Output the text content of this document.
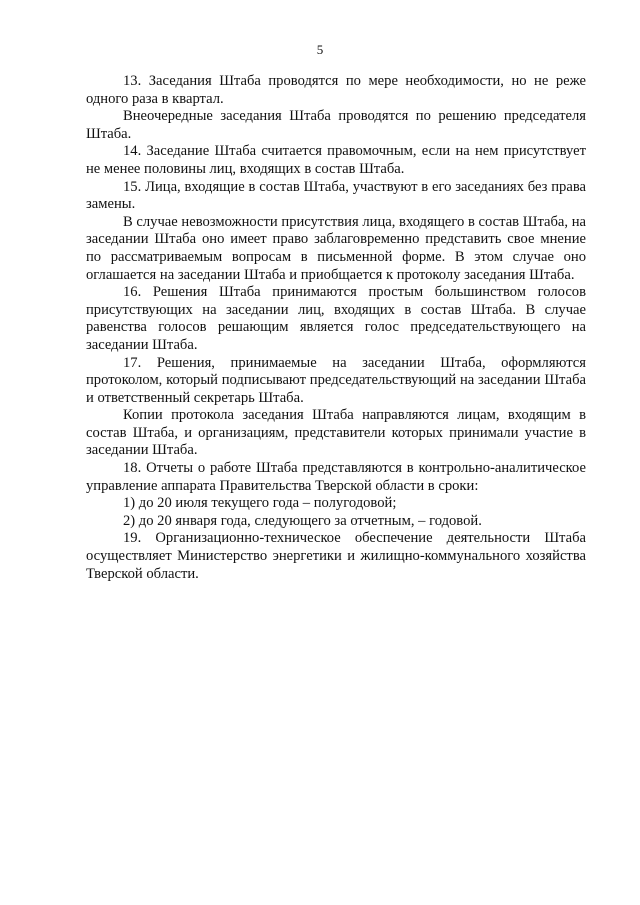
5

13. Заседания Штаба проводятся по мере необходимости, но не реже одного раза в квартал.

Внеочередные заседания Штаба проводятся по решению председателя Штаба.

14. Заседание Штаба считается правомочным, если на нем присутствует не менее половины лиц, входящих в состав Штаба.

15. Лица, входящие в состав Штаба, участвуют в его заседаниях без права замены.

В случае невозможности присутствия лица, входящего в состав Штаба, на заседании Штаба оно имеет право заблаговременно представить свое мнение по рассматриваемым вопросам в письменной форме. В этом случае оно оглашается на заседании Штаба и приобщается к протоколу заседания Штаба.

16. Решения Штаба принимаются простым большинством голосов присутствующих на заседании лиц, входящих в состав Штаба. В случае равенства голосов решающим является голос председательствующего на заседании Штаба.

17. Решения, принимаемые на заседании Штаба, оформляются протоколом, который подписывают председательствующий на заседании Штаба и ответственный секретарь Штаба.

Копии протокола заседания Штаба направляются лицам, входящим в состав Штаба, и организациям, представители которых принимали участие в заседании Штаба.

18. Отчеты о работе Штаба представляются в контрольно-аналитическое управление аппарата Правительства Тверской области в сроки:

1) до 20 июля текущего года – полугодовой;

2) до 20 января года, следующего за отчетным, – годовой.

19. Организационно-техническое обеспечение деятельности Штаба осуществляет Министерство энергетики и жилищно-коммунального хозяйства Тверской области.
